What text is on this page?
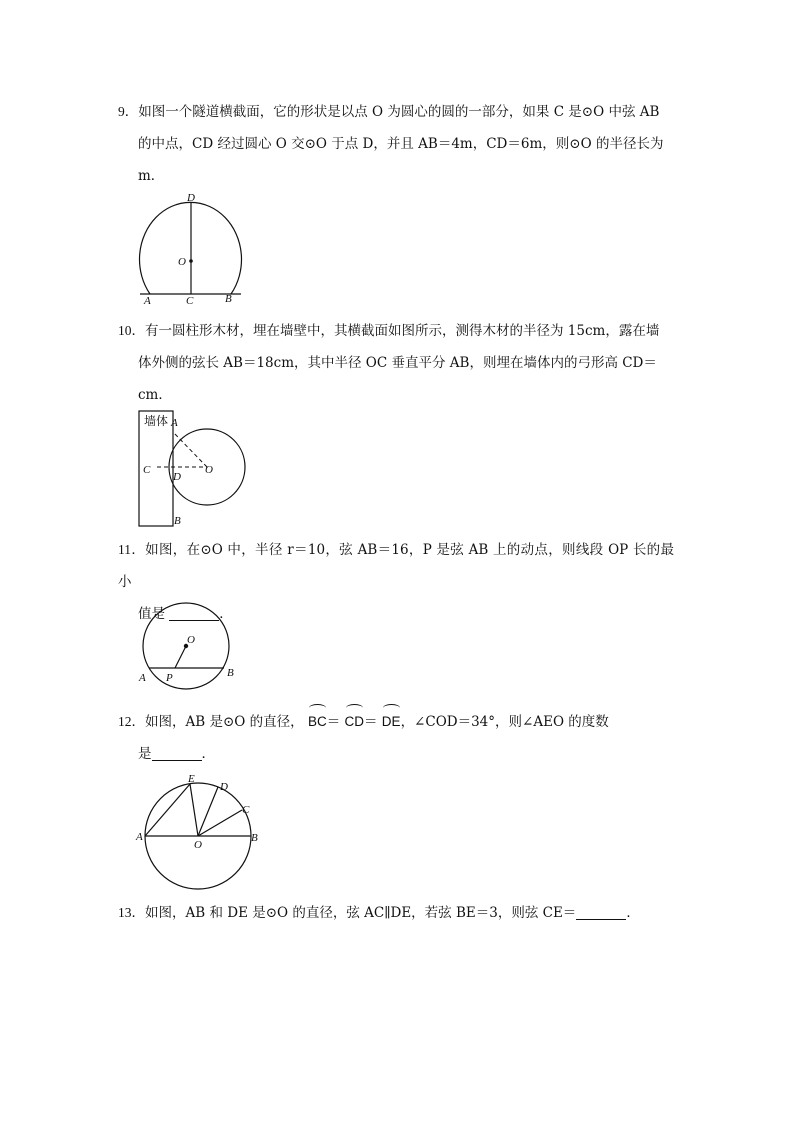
9．如图一个隧道横截面，它的形状是以点 O 为圆心的圆的一部分，如果 C 是⊙O 中弦 AB
的中点，CD 经过圆心 O 交⊙O 于点 D，并且 AB＝4m，CD＝6m，则⊙O 的半径长为
m．
D
O
A	C	B
10．有一圆柱形木材，埋在墙壁中，其横截面如图所示，测得木材的半径为 15cm，露在墙
体外侧的弦长 AB＝18cm，其中半径 OC 垂直平分 AB，则埋在墙体内的弓形高 CD＝
cm．
墙体 A
C
D
O
B
11．如图，在⊙O 中，半径 r＝10，弦 AB＝16，P 是弦 AB 上的动点，则线段 OP 长的最小
值是	．
O
A P	B
12．如图，AB 是⊙O 的直径， BC＝ CD＝ DE，∠COD＝34°，则∠AEO 的度数
是	．
E
D
C
A
O
B
13．如图，AB 和 DE 是⊙O 的直径，弦 AC∥DE，若弦 BE＝3，则弦 CE＝	．
